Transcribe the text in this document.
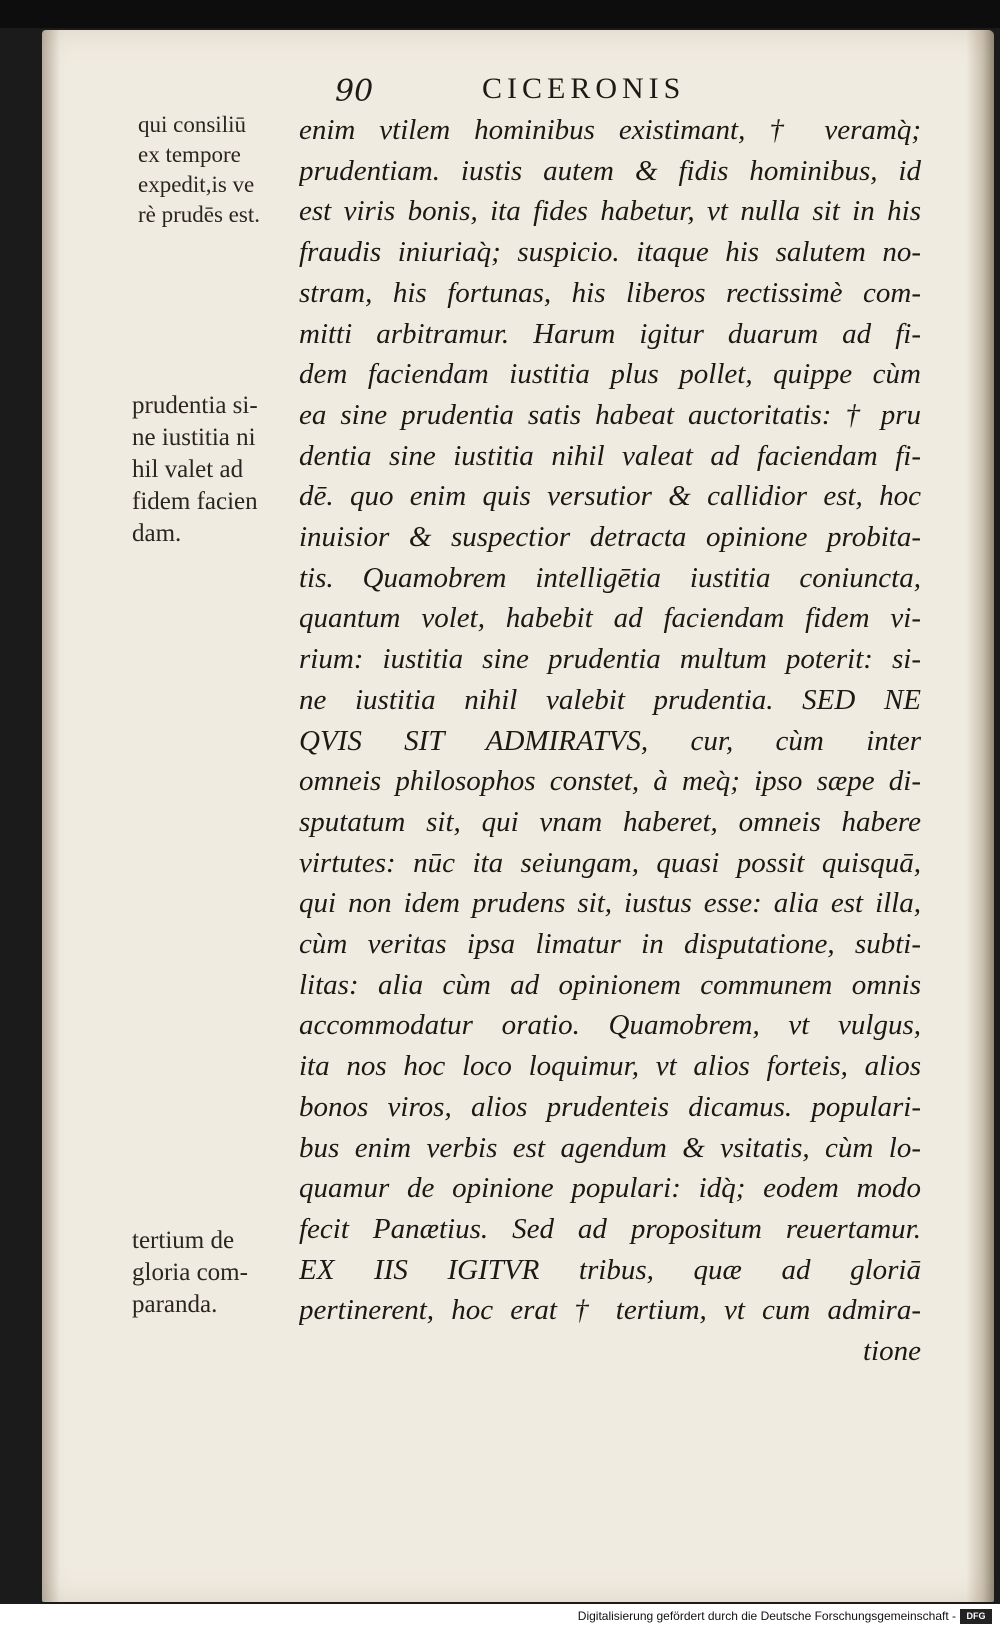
90	CICERONIS
qui consiliū
ex tempore
expedit,is ve
rè prudēs est.
prudentia si-
ne iustitia ni
hil valet ad
fidem facien
dam.
tertium de
gloria com-
paranda.
enim vtilem hominibus existimant, † veramq̀;
prudentiam. iustis autem & fidis hominibus, id
est viris bonis, ita fides habetur, vt nulla sit in his
fraudis iniuriaq̀; suspicio. itaque his salutem no-
stram, his fortunas, his liberos rectissimè com-
mitti arbitramur. Harum igitur duarum ad fi-
dem faciendam iustitia plus pollet, quippe cùm
ea sine prudentia satis habeat auctoritatis: † pru
dentia sine iustitia nihil valeat ad faciendam fi-
dē. quo enim quis versutior & callidior est, hoc
inuisior & suspectior detracta opinione probita-
tis. Quamobrem intelligētia iustitia coniuncta,
quantum volet, habebit ad faciendam fidem vi-
rium: iustitia sine prudentia multum poterit: si-
ne iustitia nihil valebit prudentia. SED NE
QVIS SIT ADMIRATVS, cur, cùm inter
omneis philosophos constet, à meq̀; ipso sæpe di-
sputatum sit, qui vnam haberet, omneis habere
virtutes: nūc ita seiungam, quasi possit quisquā,
qui non idem prudens sit, iustus esse: alia est illa,
cùm veritas ipsa limatur in disputatione, subti-
litas: alia cùm ad opinionem communem omnis
accommodatur oratio. Quamobrem, vt vulgus,
ita nos hoc loco loquimur, vt alios forteis, alios
bonos viros, alios prudenteis dicamus. populari-
bus enim verbis est agendum & vsitatis, cùm lo-
quamur de opinione populari: idq̀; eodem modo
fecit Panætius. Sed ad propositum reuertamur.
EX IIS IGITVR tribus, quæ ad gloriā
pertinerent, hoc erat † tertium, vt cum admira-
tione
Digitalisierung gefördert durch die Deutsche Forschungsgemeinschaft -	DFG
